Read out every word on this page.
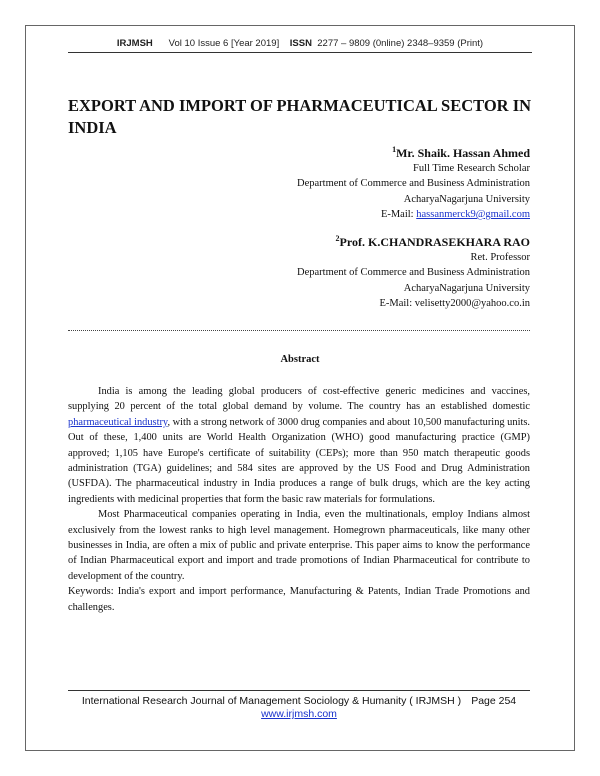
IRJMSH Vol 10 Issue 6 [Year 2019] ISSN 2277 – 9809 (0nline) 2348–9359 (Print)
EXPORT AND IMPORT OF PHARMACEUTICAL SECTOR IN INDIA
$^1$Mr. Shaik. Hassan Ahmed
Full Time Research Scholar
Department of Commerce and Business Administration
AcharyaNagarjuna University
E-Mail: hassanmerck9@gmail.com
$^2$Prof. K.CHANDRASEKHARA RAO
Ret. Professor
Department of Commerce and Business Administration
AcharyaNagarjuna University
E-Mail: velisetty2000@yahoo.co.in
Abstract

India is among the leading global producers of cost-effective generic medicines and vaccines, supplying 20 percent of the total global demand by volume. The country has an established domestic pharmaceutical industry, with a strong network of 3000 drug companies and about 10,500 manufacturing units. Out of these, 1,400 units are World Health Organization (WHO) good manufacturing practice (GMP) approved; 1,105 have Europe's certificate of suitability (CEPs); more than 950 match therapeutic goods administration (TGA) guidelines; and 584 sites are approved by the US Food and Drug Administration (USFDA). The pharmaceutical industry in India produces a range of bulk drugs, which are the key acting ingredients with medicinal properties that form the basic raw materials for formulations.

Most Pharmaceutical companies operating in India, even the multinationals, employ Indians almost exclusively from the lowest ranks to high level management. Homegrown pharmaceuticals, like many other businesses in India, are often a mix of public and private enterprise. This paper aims to know the performance of Indian Pharmaceutical export and import and trade promotions of Indian Pharmaceutical for contribute to development of the country.

Keywords: India's export and import performance, Manufacturing & Patents, Indian Trade Promotions and challenges.

International Research Journal of Management Sociology & Humanity ( IRJMSH ) Page 254
www.irjmsh.com
